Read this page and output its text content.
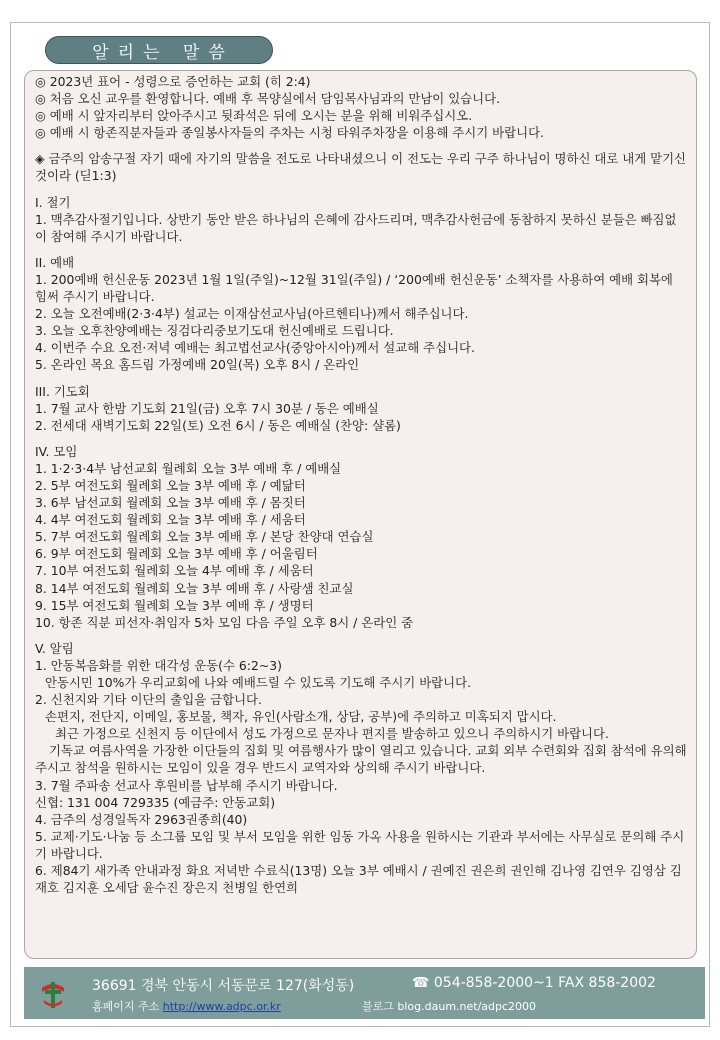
알리는 말씀

◎ 2023년 표어 - 성령으로 증언하는 교회 (히 2:4)

◎ 처음 오신 교우를 환영합니다. 예배 후 목양실에서 담임목사님과의 만남이 있습니다.

◎ 예배 시 앞자리부터 앉아주시고 뒷좌석은 뒤에 오시는 분을 위해 비워주십시오.

◎ 예배 시 항존직분자들과 종일봉사자들의 주차는 시청 타워주차장을 이용해 주시기 바랍니다.

◈ 금주의 암송구절 자기 때에 자기의 말씀을 전도로 나타내셨으니 이 전도는 우리 구주 하나님이 명하신 대로 내게 맡기신 것이라 (딛1:3)

I. 절기

1. 맥추감사절기입니다. 상반기 동안 받은 하나님의 은혜에 감사드리며, 맥추감사헌금에 동참하지 못하신 분들은 빠짐없이 참여해 주시기 바랍니다.

II. 예배

1. 200예배 헌신운동 2023년 1월 1일(주일)~12월 31일(주일) / ‘200예배 헌신운동’ 소책자를 사용하여 예배 회복에 힘써 주시기 바랍니다.

2. 오늘 오전예배(2·3·4부) 설교는 이재삼선교사님(아르헨티나)께서 해주십니다.

3. 오늘 오후찬양예배는 징검다리중보기도대 헌신예배로 드립니다.

4. 이번주 수요 오전·저녁 예배는 최고법선교사(중앙아시아)께서 설교해 주십니다.

5. 온라인 목요 홈드림 가정예배 20일(목) 오후 8시 / 온라인

III. 기도회

1. 7월 교사 한밤 기도회 21일(금) 오후 7시 30분 / 동은 예배실

2. 전세대 새벽기도회 22일(토) 오전 6시 / 동은 예배실 (찬양: 샬롬)

IV. 모임

1. 1·2·3·4부 남선교회 월례회 오늘 3부 예배 후 / 예배실

2. 5부 여전도회 월례회 오늘 3부 예배 후 / 예닮터

3. 6부 남선교회 월례회 오늘 3부 예배 후 / 몸짓터

4. 4부 여전도회 월례회 오늘 3부 예배 후 / 세움터

5. 7부 여전도회 월례회 오늘 3부 예배 후 / 본당 찬양대 연습실

6. 9부 여전도회 월례회 오늘 3부 예배 후 / 어울림터

7. 10부 여전도회 월례회 오늘 4부 예배 후 / 세움터

8. 14부 여전도회 월례회 오늘 3부 예배 후 / 사랑샘 친교실

9. 15부 여전도회 월례회 오늘 3부 예배 후 / 생명터

10. 항존 직분 피선자·취임자 5차 모임 다음 주일 오후 8시 / 온라인 줌

V. 알림

1. 안동복음화를 위한 대각성 운동(수 6:2~3)

안동시민 10%가 우리교회에 나와 예배드릴 수 있도록 기도해 주시기 바랍니다.

2. 신천지와 기타 이단의 출입을 금합니다.

손편지, 전단지, 이메일, 홍보물, 책자, 유인(사람소개, 상담, 공부)에 주의하고 미혹되지 맙시다.

최근 가정으로 신천지 등 이단에서 성도 가정으로 문자나 편지를 발송하고 있으니 주의하시기 바랍니다.

기독교 여름사역을 가장한 이단들의 집회 및 여름행사가 많이 열리고 있습니다. 교회 외부 수련회와 집회 참석에 유의해주시고 참석을 원하시는 모임이 있을 경우 반드시 교역자와 상의해 주시기 바랍니다.

3. 7월 주파송 선교사 후원비를 납부해 주시기 바랍니다.

신협: 131 004 729335 (예금주: 안동교회)

4. 금주의 성경일독자 2963권종희(40)

5. 교제·기도·나눔 등 소그룹 모임 및 부서 모임을 위한 임동 가옥 사용을 원하시는 기관과 부서에는 사무실로 문의해 주시기 바랍니다.

6. 제84기 새가족 안내과정 화요 저녁반 수료식(13명) 오늘 3부 예배시 / 권예진 권은희 권인해 김나영 김연우 김영삼 김재호 김지훈 오세담 윤수진 장은지 천병일 한연희

36691 경북 안동시 서동문로 127(화성동)	☎ 054-858-2000~1 FAX 858-2002
홈페이지 주소 http://www.adpc.or.kr	블로그 blog.daum.net/adpc2000
